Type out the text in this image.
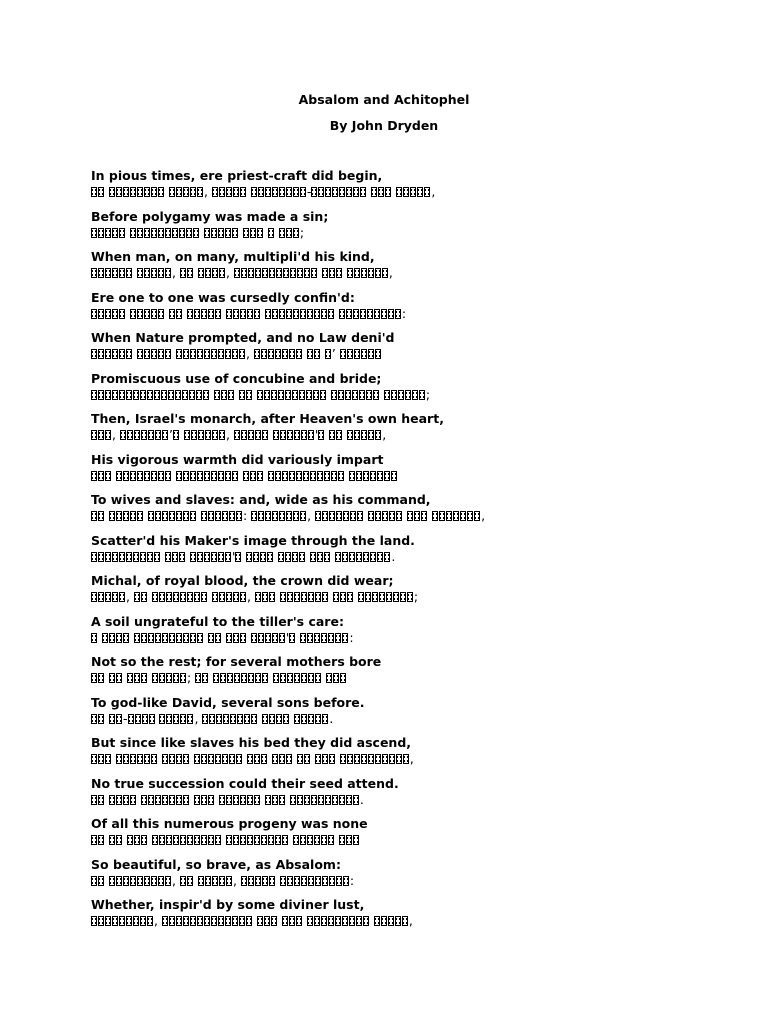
Absalom and Achitophel
By John Dryden
In pious times, ere priest-craft did begin,
,	-	,
Before polygamy was made a sin;
;
When man, on many, multipli'd his kind,
,	,	,
Ere one to one was cursedly confin'd:
:
When Nature prompted, and no Law deni'd
,	’
Promiscuous use of concubine and bride;
;
Then, Israel's monarch, after Heaven's own heart,
,	’	,	'	,
His vigorous warmth did variously impart

To wives and slaves: and, wide as his command,
:	,	,
Scatter'd his Maker's image through the land.
'	.
Michal, of royal blood, the crown did wear;
,	,	;
A soil ungrateful to the tiller's care:
'	:
Not so the rest; for several mothers bore
;
To god-like David, several sons before.
-	,	.
But since like slaves his bed they did ascend,
,
No true succession could their seed attend.
.
Of all this numerous progeny was none

So beautiful, so brave, as Absalom:
,	,	:
Whether, inspir'd by some diviner lust,
,	,
